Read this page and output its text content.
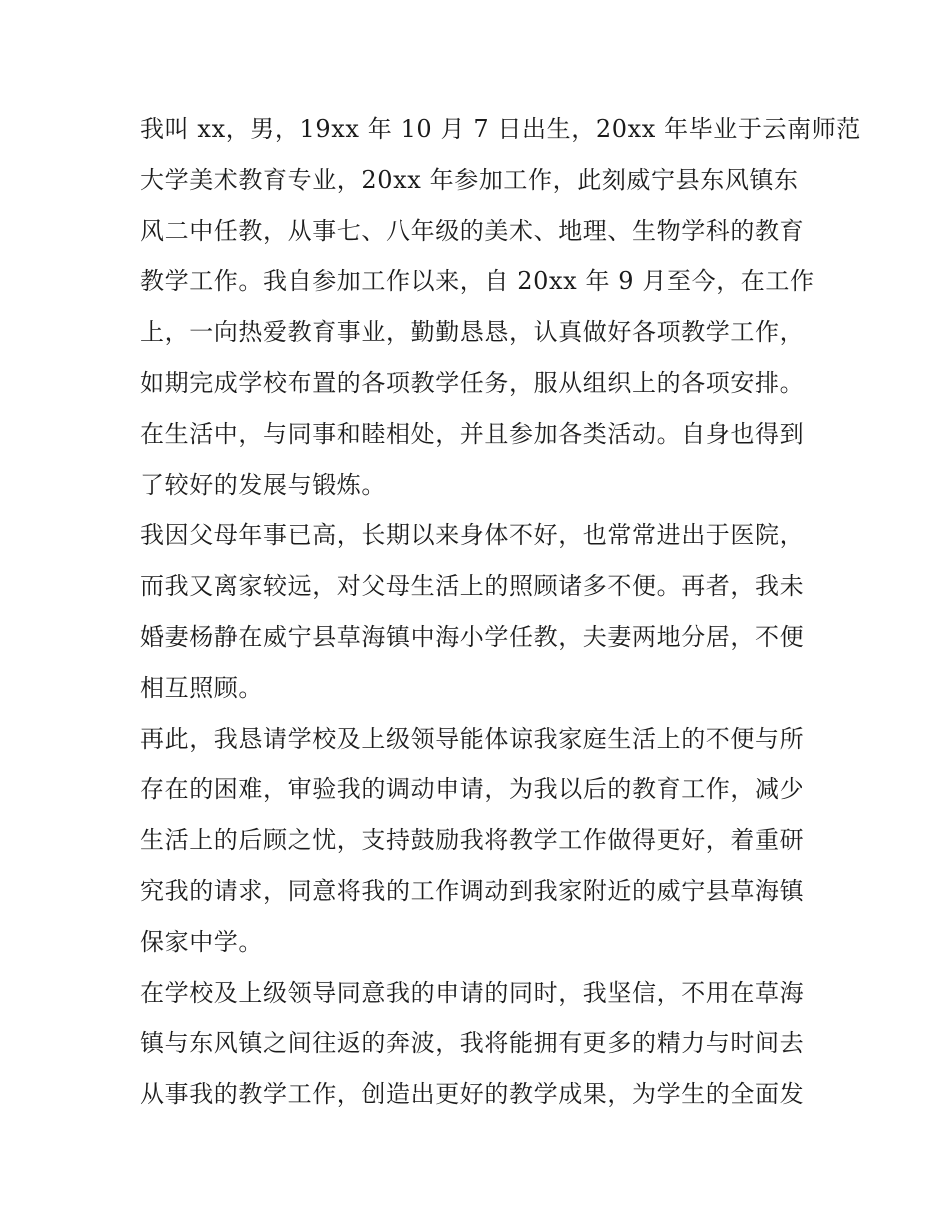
我叫 xx，男，19xx 年 10 月 7 日出生，20xx 年毕业于云南师范
大学美术教育专业，20xx 年参加工作，此刻威宁县东风镇东
风二中任教，从事七、八年级的美术、地理、生物学科的教育
教学工作。我自参加工作以来，自 20xx 年 9 月至今，在工作
上，一向热爱教育事业，勤勤恳恳，认真做好各项教学工作，
如期完成学校布置的各项教学任务，服从组织上的各项安排。
在生活中，与同事和睦相处，并且参加各类活动。自身也得到
了较好的发展与锻炼。
我因父母年事已高，长期以来身体不好，也常常进出于医院，
而我又离家较远，对父母生活上的照顾诸多不便。再者，我未
婚妻杨静在威宁县草海镇中海小学任教，夫妻两地分居，不便
相互照顾。
再此，我恳请学校及上级领导能体谅我家庭生活上的不便与所
存在的困难，审验我的调动申请，为我以后的教育工作，减少
生活上的后顾之忧，支持鼓励我将教学工作做得更好，着重研
究我的请求，同意将我的工作调动到我家附近的威宁县草海镇
保家中学。
在学校及上级领导同意我的申请的同时，我坚信，不用在草海
镇与东风镇之间往返的奔波，我将能拥有更多的精力与时间去
从事我的教学工作，创造出更好的教学成果，为学生的全面发
